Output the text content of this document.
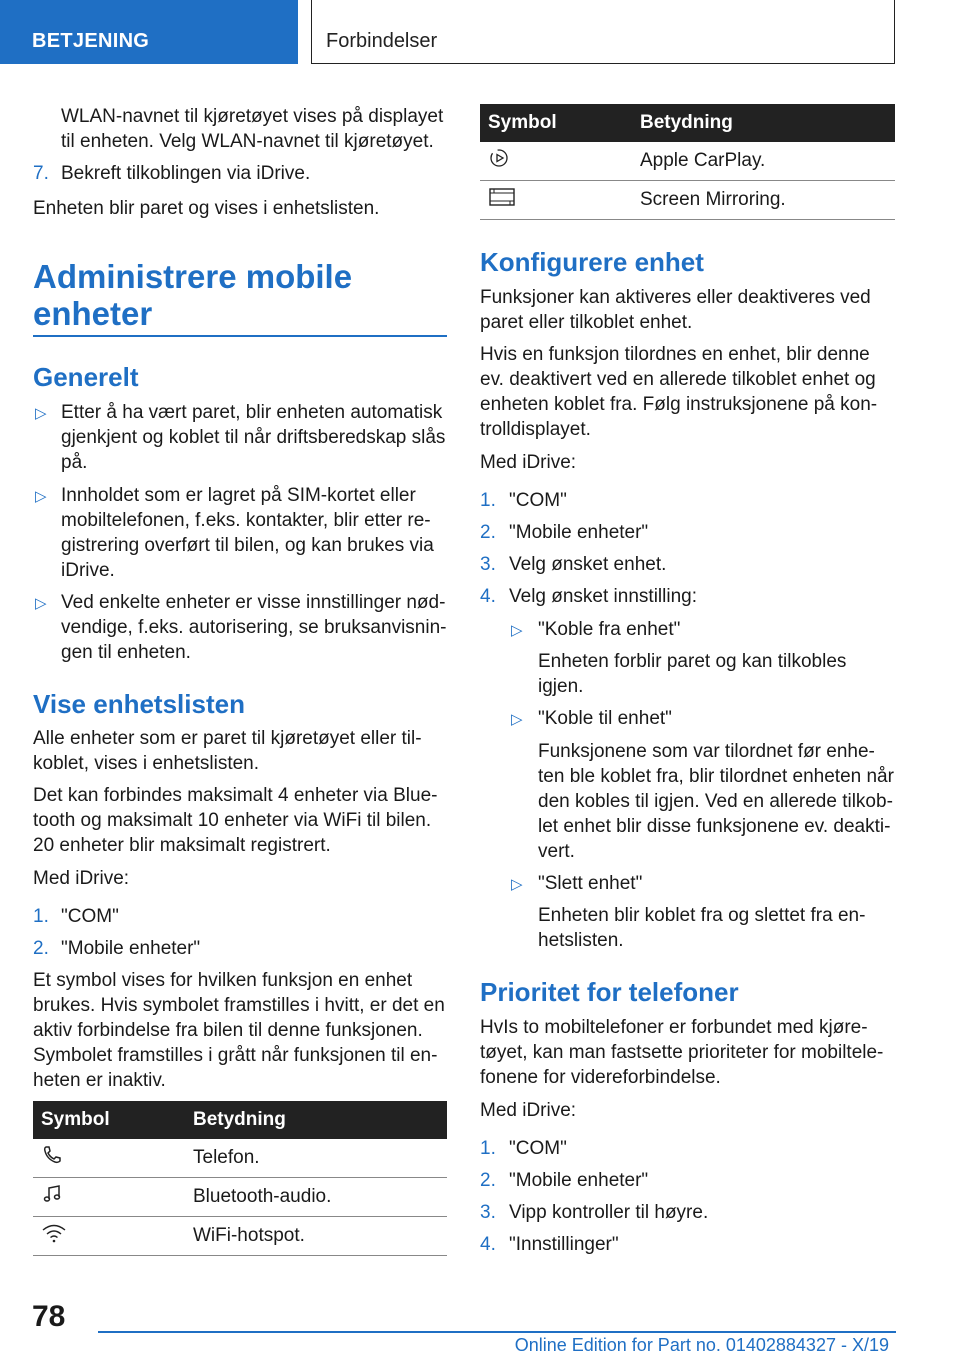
BETJENING	Forbindelser

WLAN-navnet til kjøretøyet vises på displayet
til enheten. Velg WLAN-navnet til kjøretøyet.

7. Bekreft tilkoblingen via iDrive.

Enheten blir paret og vises i enhetslisten.

Administrere mobile
enheter
Generelt
▷ Etter å ha vært paret, blir enheten automatisk
gjenkjent og koblet til når driftsberedskap slås
på.

▷ Innholdet som er lagret på SIM-kortet eller
mobiltelefonen, f.eks. kontakter, blir etter re-
gistrering overført til bilen, og kan brukes via
iDrive.

▷ Ved enkelte enheter er visse innstillinger nød-
vendige, f.eks. autorisering, se bruksanvisnin-
gen til enheten.

Vise enhetslisten

Alle enheter som er paret til kjøretøyet eller til-
koblet, vises i enhetslisten.

Det kan forbindes maksimalt 4 enheter via Blue-
tooth og maksimalt 10 enheter via WiFi til bilen.
20 enheter blir maksimalt registrert.

Med iDrive:

1. "COM"
2. "Mobile enheter"

Et symbol vises for hvilken funksjon en enhet
brukes. Hvis symbolet framstilles i hvitt, er det en
aktiv forbindelse fra bilen til denne funksjonen.
Symbolet framstilles i grått når funksjonen til en-
heten er inaktiv.

Symbol	Betydning
	Telefon.
	Bluetooth-audio.
	WiFi-hotspot.
Symbol	Betydning
	Apple CarPlay.
	Screen Mirroring.
Konfigurere enhet

Funksjoner kan aktiveres eller deaktiveres ved
paret eller tilkoblet enhet.

Hvis en funksjon tilordnes en enhet, blir denne
ev. deaktivert ved en allerede tilkoblet enhet og
enheten koblet fra. Følg instruksjonene på kon-
trolldisplayet.

Med iDrive:

1. "COM"
2. "Mobile enheter"
3. Velg ønsket enhet.
4. Velg ønsket innstilling:
▷ "Koble fra enhet"

Enheten forblir paret og kan tilkobles
igjen.

▷ "Koble til enhet"

Funksjonene som var tilordnet før enhe-
ten ble koblet fra, blir tilordnet enheten når
den kobles til igjen. Ved en allerede tilkob-
let enhet blir disse funksjonene ev. deakti-
vert.

▷ "Slett enhet"

Enheten blir koblet fra og slettet fra en-
hetslisten.

Prioritet for telefoner

HvIs to mobiltelefoner er forbundet med kjøre-
tøyet, kan man fastsette prioriteter for mobiltele-
fonene for videreforbindelse.

Med iDrive:

1. "COM"
2. "Mobile enheter"
3. Vipp kontroller til høyre.
4. "Innstillinger"
78
Online Edition for Part no. 01402884327 - X/19
